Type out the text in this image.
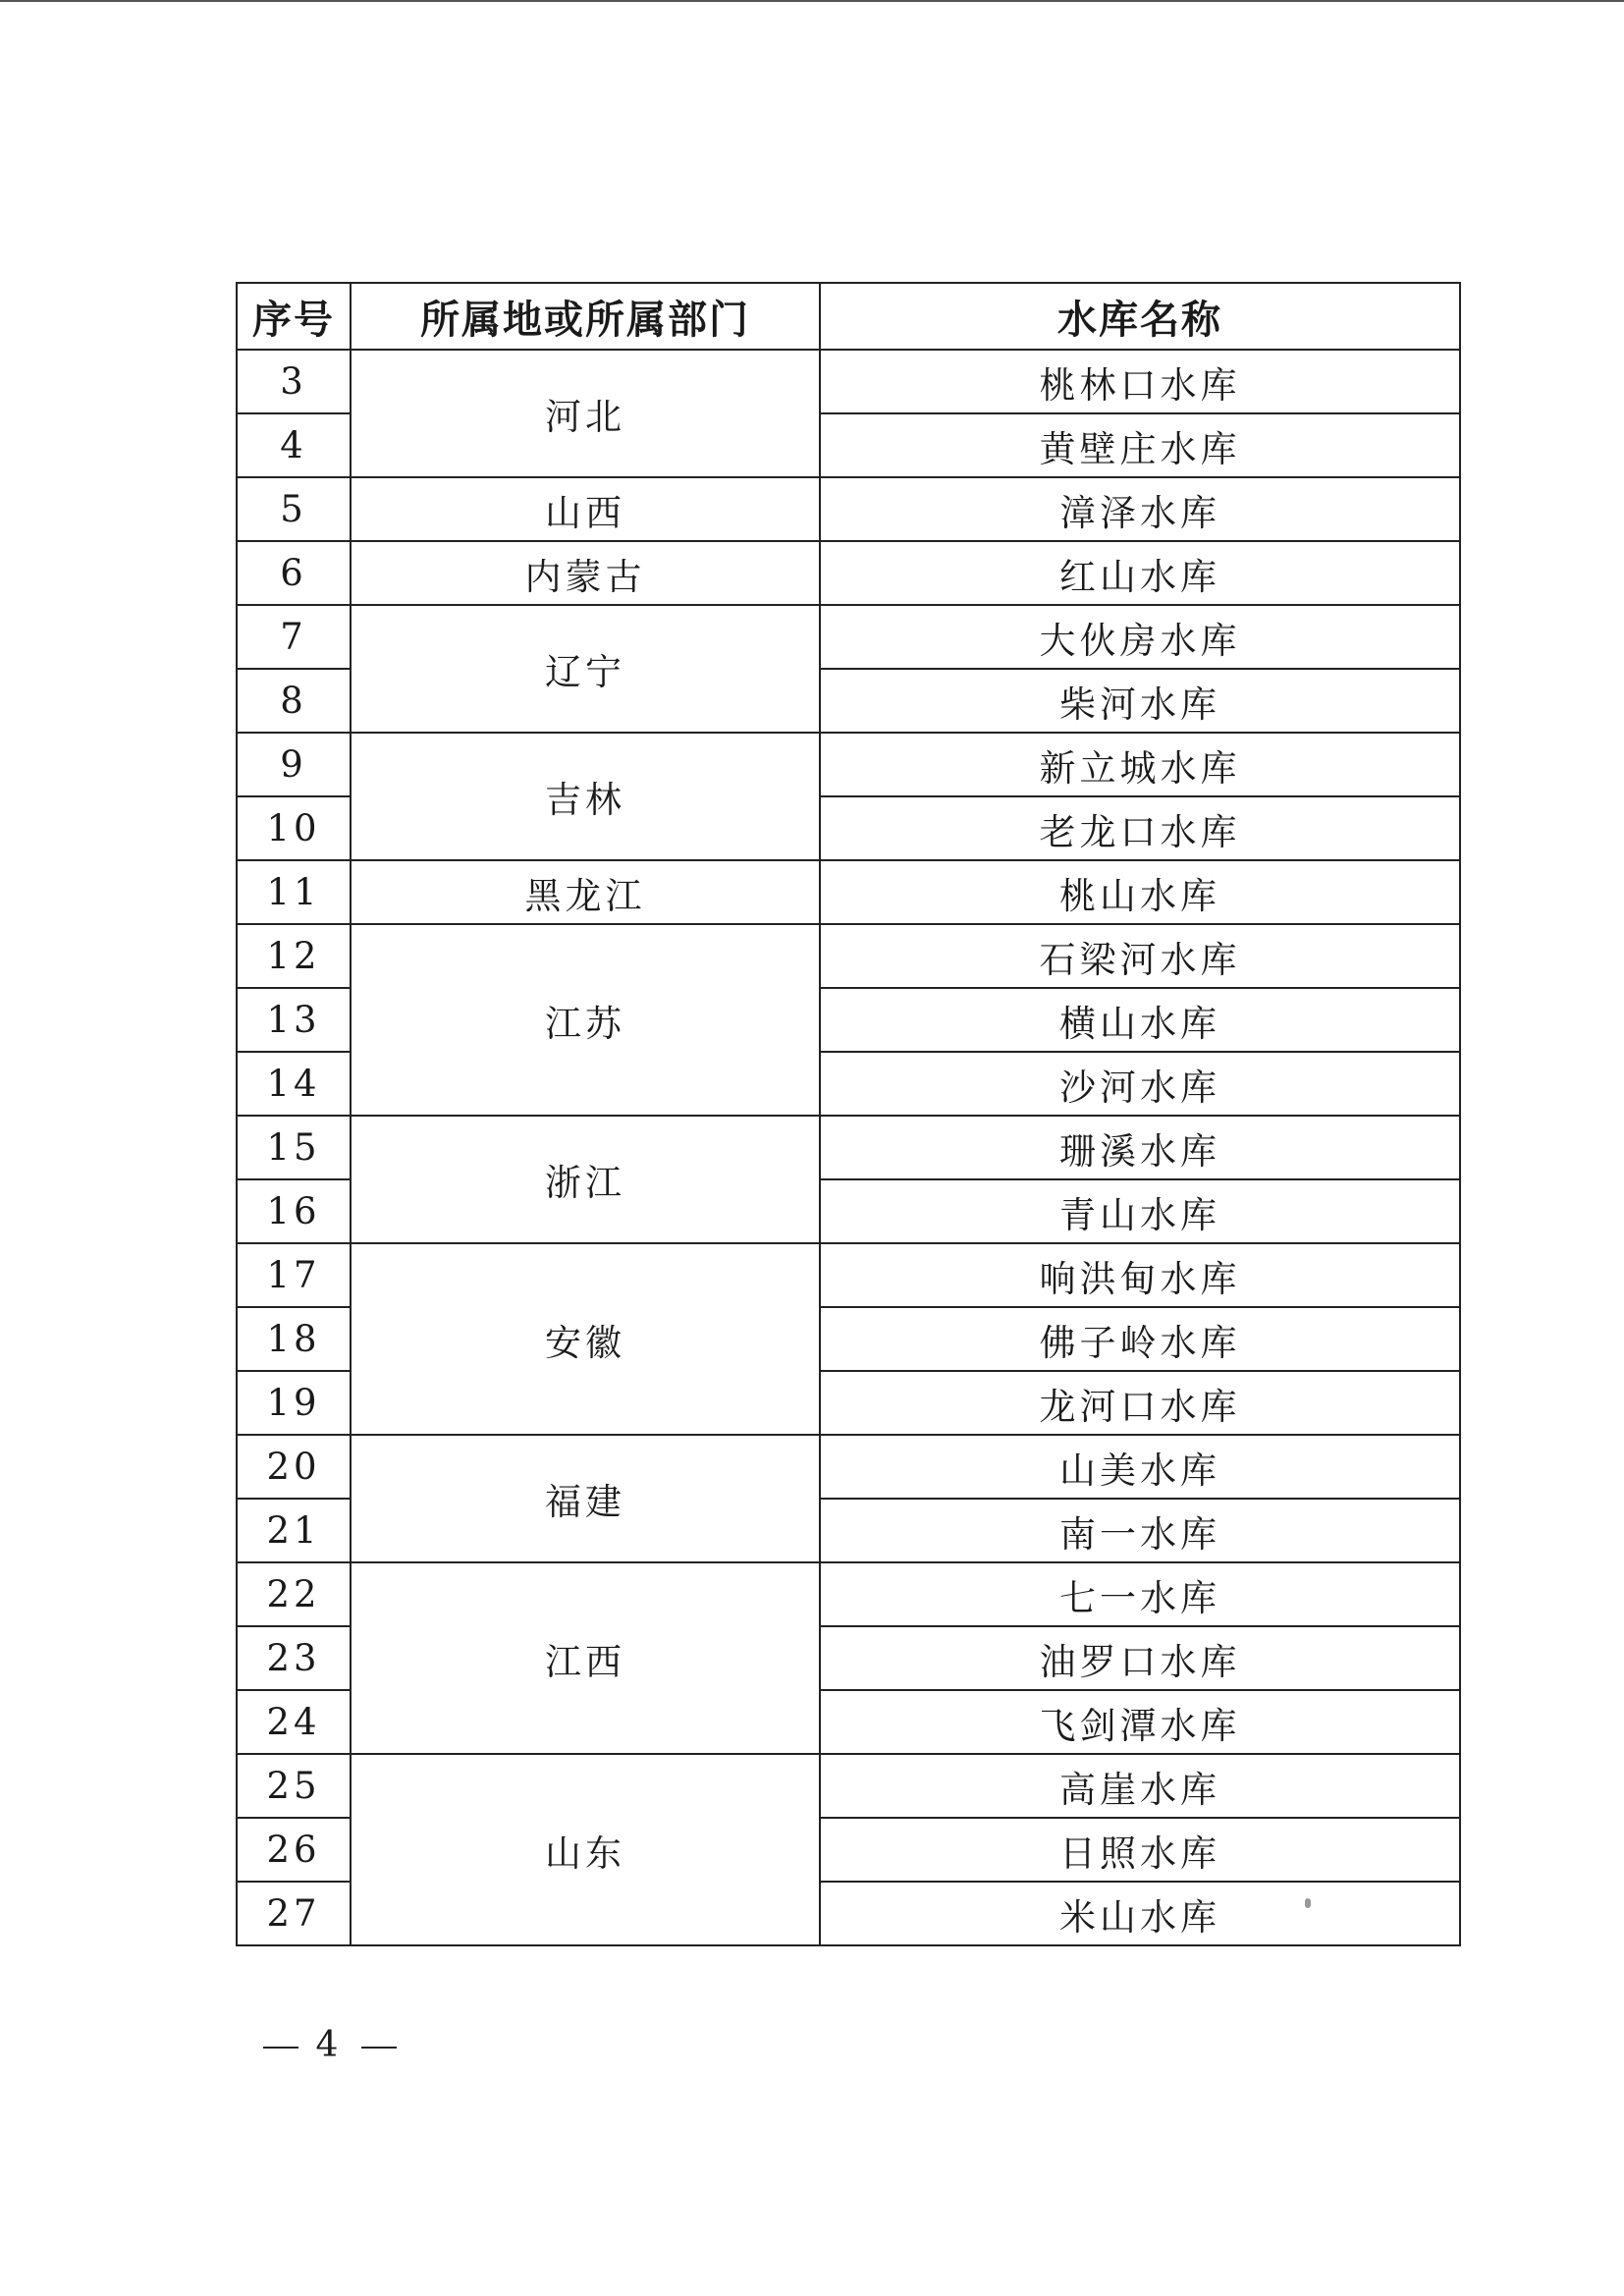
序号	所属地或所属部门	水库名称
3	河北	桃林口水库
4		黄壁庄水库
5	山西	漳泽水库
6	内蒙古	红山水库
7	辽宁	大伙房水库
8		柴河水库
9	吉林	新立城水库
10		老龙口水库
11	黑龙江	桃山水库
12	江苏	石梁河水库
13		横山水库
14		沙河水库
15	浙江	珊溪水库
16		青山水库
17	安徽	响洪甸水库
18		佛子岭水库
19		龙河口水库
20	福建	山美水库
21		南一水库
22	江西	七一水库
23		油罗口水库
24		飞剑潭水库
25	山东	高崖水库
26		日照水库
27		米山水库
4
